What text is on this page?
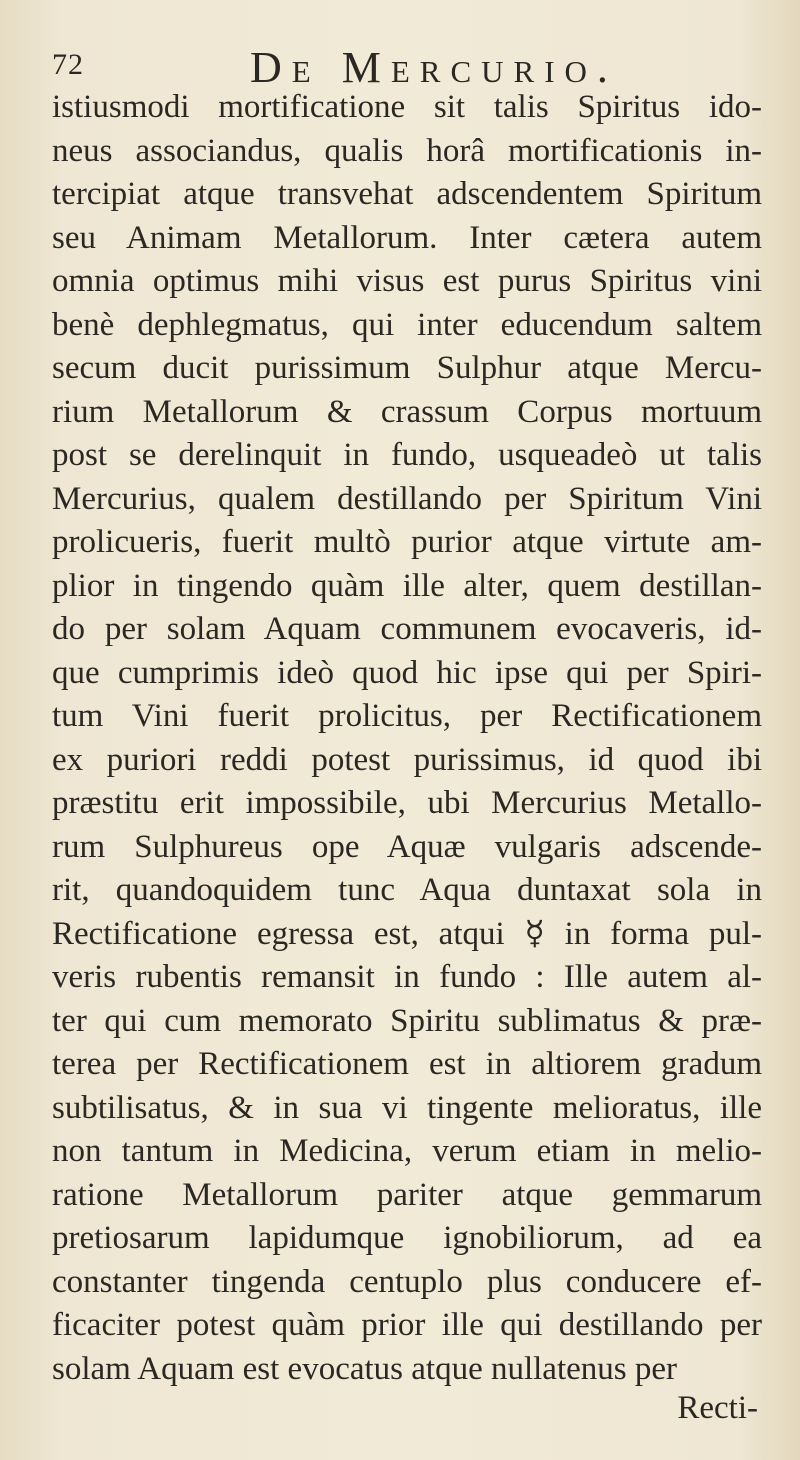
72	De Mercurio.
istiusmodi mortificatione sit talis Spiritus ido-
neus associandus, qualis horâ mortificationis in-
tercipiat atque transvehat adscendentem Spiritum
seu Animam Metallorum. Inter cætera autem
omnia optimus mihi visus est purus Spiritus vini
benè dephlegmatus, qui inter educendum saltem
secum ducit purissimum Sulphur atque Mercu-
rium Metallorum & crassum Corpus mortuum
post se derelinquit in fundo, usqueadeò ut talis
Mercurius, qualem destillando per Spiritum Vini
prolicueris, fuerit multò purior atque virtute am-
plior in tingendo quàm ille alter, quem destillan-
do per solam Aquam communem evocaveris, id-
que cumprimis ideò quod hic ipse qui per Spiri-
tum Vini fuerit prolicitus, per Rectificationem
ex puriori reddi potest purissimus, id quod ibi
præstitu erit impossibile, ubi Mercurius Metallo-
rum Sulphureus ope Aquæ vulgaris adscende-
rit, quandoquidem tunc Aqua duntaxat sola in
Rectificatione egressa est, atqui ☿ in forma pul-
veris rubentis remansit in fundo : Ille autem al-
ter qui cum memorato Spiritu sublimatus & præ-
terea per Rectificationem est in altiorem gradum
subtilisatus, & in sua vi tingente melioratus, ille
non tantum in Medicina, verum etiam in melio-
ratione Metallorum pariter atque gemmarum
pretiosarum lapidumque ignobiliorum, ad ea
constanter tingenda centuplo plus conducere ef-
ficaciter potest quàm prior ille qui destillando per
solam Aquam est evocatus atque nullatenus per
Recti-
